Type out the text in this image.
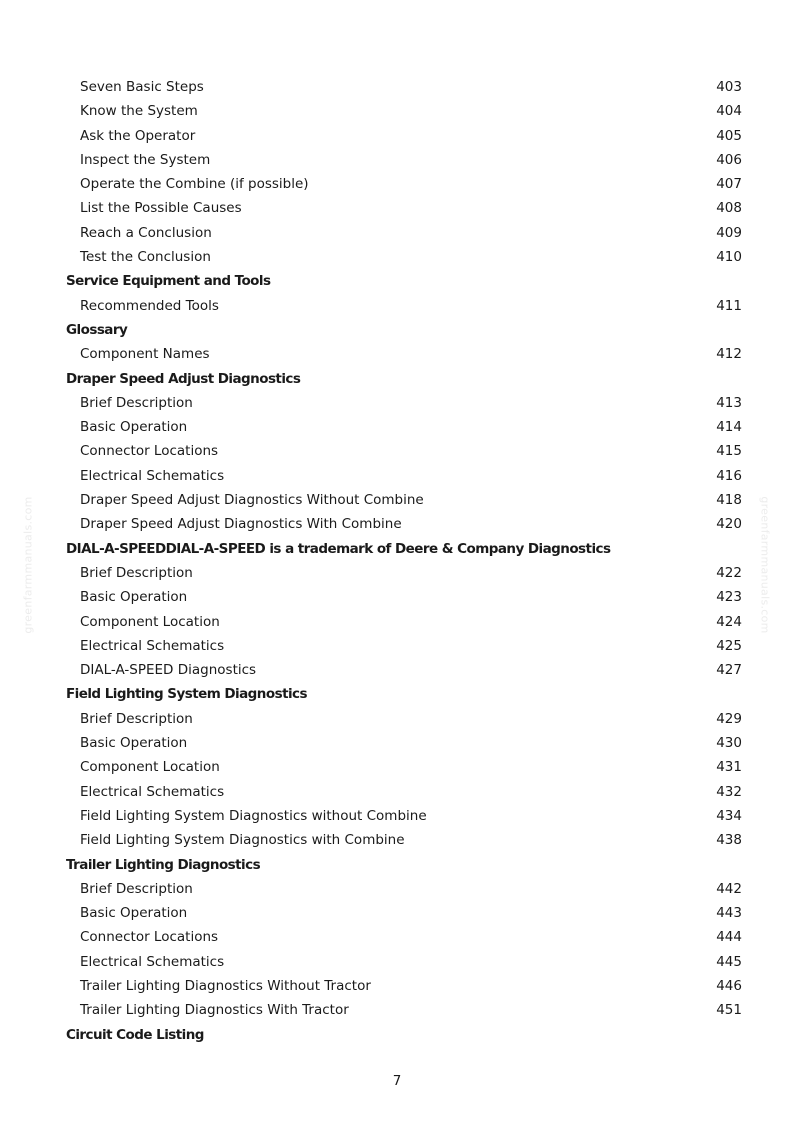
greenfarmmanuals.com	greenfarmmanuals.com
Seven Basic Steps	403
Know the System	404
Ask the Operator	405
Inspect the System	406
Operate the Combine (if possible)	407
List the Possible Causes	408
Reach a Conclusion	409
Test the Conclusion	410
Service Equipment and Tools
Recommended Tools	411
Glossary
Component Names	412
Draper Speed Adjust Diagnostics
Brief Description	413
Basic Operation	414
Connector Locations	415
Electrical Schematics	416
Draper Speed Adjust Diagnostics Without Combine	418
Draper Speed Adjust Diagnostics With Combine	420
DIAL-A-SPEEDDIAL-A-SPEED is a trademark of Deere & Company Diagnostics
Brief Description	422
Basic Operation	423
Component Location	424
Electrical Schematics	425
DIAL-A-SPEED Diagnostics	427
Field Lighting System Diagnostics
Brief Description	429
Basic Operation	430
Component Location	431
Electrical Schematics	432
Field Lighting System Diagnostics without Combine	434
Field Lighting System Diagnostics with Combine	438
Trailer Lighting Diagnostics
Brief Description	442
Basic Operation	443
Connector Locations	444
Electrical Schematics	445
Trailer Lighting Diagnostics Without Tractor	446
Trailer Lighting Diagnostics With Tractor	451
Circuit Code Listing
7
